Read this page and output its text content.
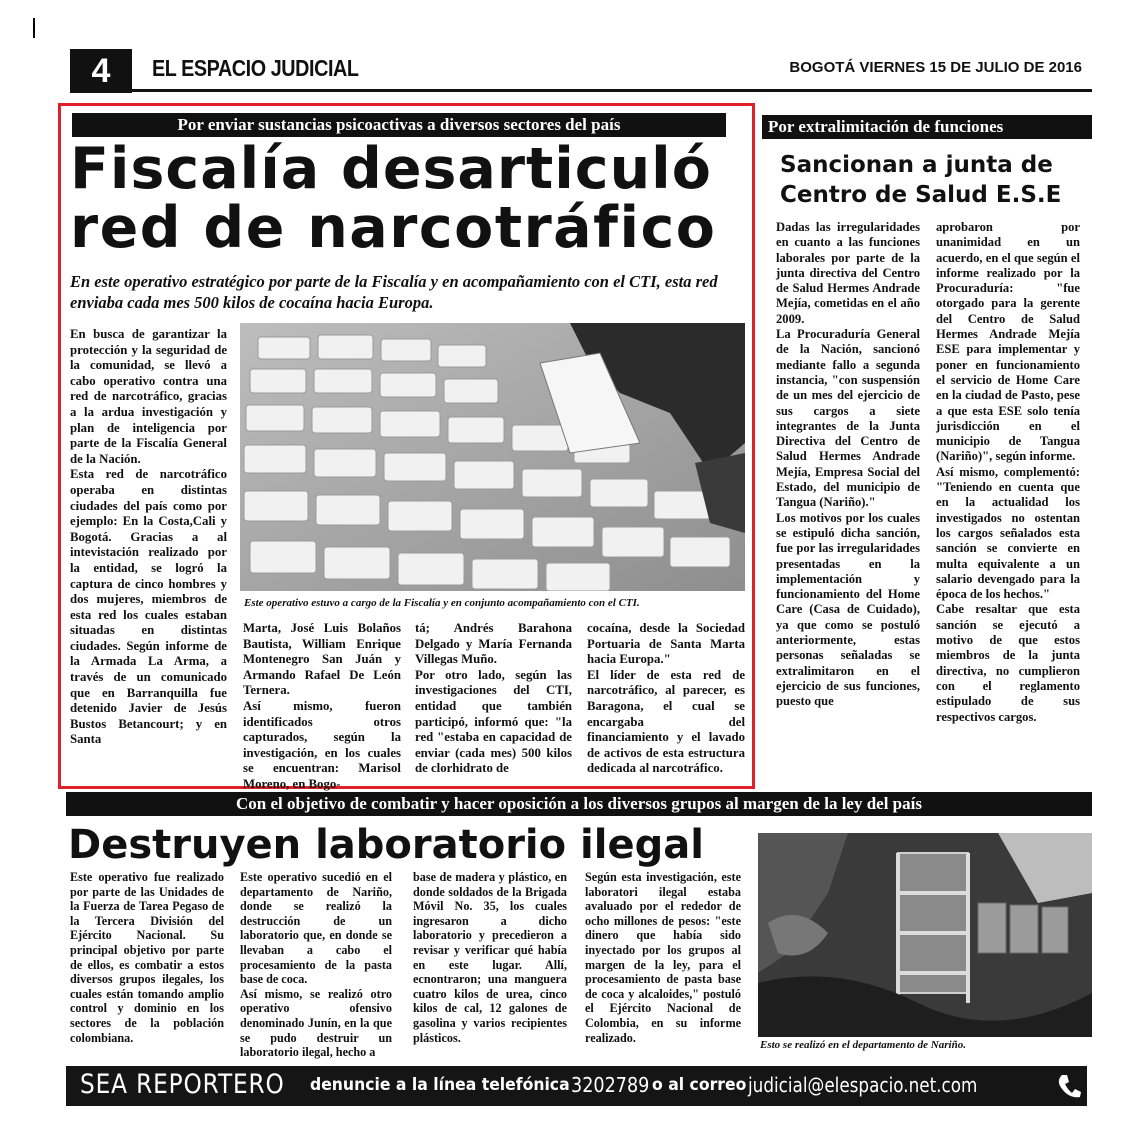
4	EL ESPACIO JUDICIAL	BOGOTÁ VIERNES 15 DE JULIO DE 2016
Por enviar sustancias psicoactivas a diversos sectores del país
Fiscalía desarticuló
red de narcotráfico
En este operativo estratégico por parte de la Fiscalía y en acompañamiento con el CTI, esta red enviaba cada mes 500 kilos de cocaína hacia Europa.

En busca de garantizar la protección y la seguridad de la comunidad, se llevó a cabo operativo contra una red de narcotráfico, gracias a la ardua investigación y plan de inteligencia por parte de la Fiscalía General de la Nación.

Esta red de narcotráfico operaba en distintas ciudades del país como por ejemplo: En la Costa,Cali y Bogotá. Gracias a al intevistación realizado por la entidad, se logró la captura de cinco hombres y dos mujeres, miembros de esta red los cuales estaban situadas en distintas ciudades. Según informe de la Armada La Arma, a través de un comunicado que en Barranquilla fue detenido Javier de Jesús Bustos Betancourt; y en Santa

Este operativo estuvo a cargo de la Fiscalía y en conjunto acompañamiento con el CTI.

Marta, José Luis Bolaños Bautista, William Enrique Montenegro San Juán y Armando Rafael De León Ternera.

Así mismo, fueron identificados otros capturados, según la investigación, en los cuales se encuentran: Marisol Moreno, en Bogo-

tá; Andrés Barahona Delgado y María Fernanda Villegas Muño.

Por otro lado, según las investigaciones del CTI, entidad que también participó, informó que: "la red "estaba en capacidad de enviar (cada mes) 500 kilos de clorhidrato de

cocaína, desde la Sociedad Portuaria de Santa Marta hacia Europa."

El líder de esta red de narcotráfico, al parecer, es Baragona, el cual se encargaba del financiamiento y el lavado de activos de esta estructura dedicada al narcotráfico.

Por extralimitación de funciones
Sancionan a junta de
Centro de Salud E.S.E

Dadas las irregularidades en cuanto a las funciones laborales por parte de la junta directiva del Centro de Salud Hermes Andrade Mejía, cometidas en el año 2009.

La Procuraduría General de la Nación, sancionó mediante fallo a segunda instancia, "con suspensión de un mes del ejercicio de sus cargos a siete integrantes de la Junta Directiva del Centro de Salud Hermes Andrade Mejía, Empresa Social del Estado, del municipio de Tangua (Nariño)."

Los motivos por los cuales se estipuló dicha sanción, fue por las irregularidades presentadas en la implementación y funcionamiento del Home Care (Casa de Cuidado), ya que como se postuló anteriormente, estas personas señaladas se extralimitaron en el ejercicio de sus funciones, puesto que

aprobaron por unanimidad en un acuerdo, en el que según el informe realizado por la Procuraduría: "fue otorgado para la gerente del Centro de Salud Hermes Andrade Mejía ESE para implementar y poner en funcionamiento el servicio de Home Care en la ciudad de Pasto, pese a que esta ESE solo tenía jurisdicción en el municipio de Tangua (Nariño)", según informe.

Así mismo, complementó: "Teniendo en cuenta que en la actualidad los investigados no ostentan los cargos señalados esta sanción se convierte en multa equivalente a un salario devengado para la época de los hechos."

Cabe resaltar que esta sanción se ejecutó a motivo de que estos miembros de la junta directiva, no cumplieron con el reglamento estipulado de sus respectivos cargos.

Con el objetivo de combatir y hacer oposición a los diversos grupos al margen de la ley del país
Destruyen laboratorio ilegal

Este operativo fue realizado por parte de las Unidades de la Fuerza de Tarea Pegaso de la Tercera División del Ejército Nacional. Su principal objetivo por parte de ellos, es combatir a estos diversos grupos ilegales, los cuales están tomando amplio control y dominio en los sectores de la población colombiana.

Este operativo sucedió en el departamento de Nariño, donde se realizó la destrucción de un laboratorio que, en donde se llevaban a cabo el procesamiento de la pasta base de coca.

Así mismo, se realizó otro operativo ofensivo denominado Junín, en la que se pudo destruir un laboratorio ilegal, hecho a

base de madera y plástico, en donde soldados de la Brigada Móvil No. 35, los cuales ingresaron a dicho laboratorio y precedieron a revisar y verificar qué había en este lugar. Allí, ecnontraron; una manguera cuatro kilos de urea, cinco kilos de cal, 12 galones de gasolina y varios recipientes plásticos.

Según esta investigación, este laboratori ilegal estaba avaluado por el rededor de ocho millones de pesos: "este dinero que había sido inyectado por los grupos al margen de la ley, para el procesamiento de pasta base de coca y alcaloides," postuló el Ejército Nacional de Colombia, en su informe realizado.

Esto se realizó en el departamento de Nariño.
SEA REPORTERO denuncie a la línea telefónica 3202789 o al correo judicial@elespacio.net.com
